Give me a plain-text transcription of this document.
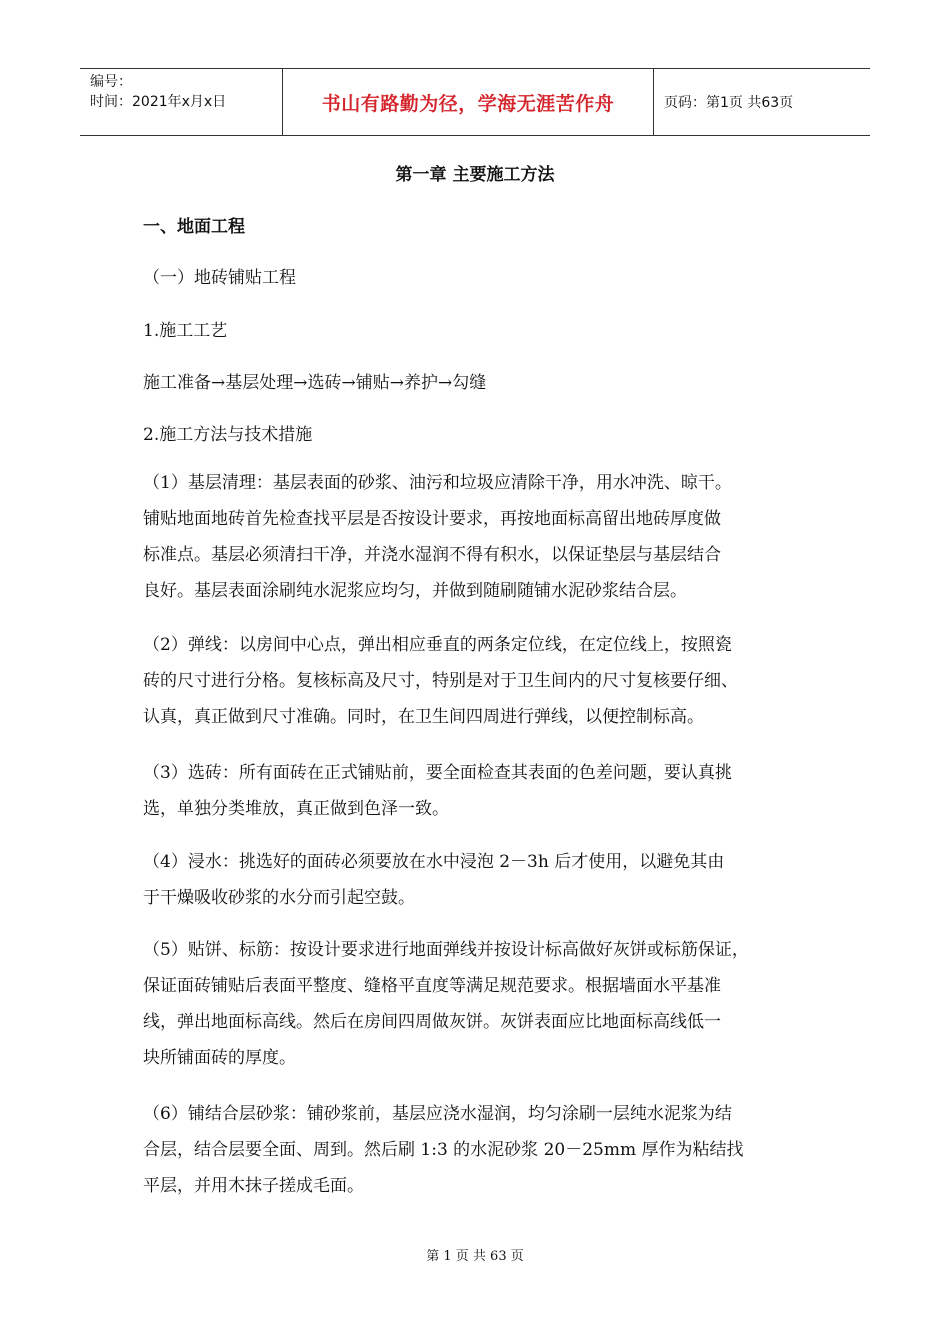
编号：
时间：2021年x月x日	书山有路勤为径，学海无涯苦作舟	页码：第1页 共63页
第一章 主要施工方法
一、地面工程
（一）地砖铺贴工程
1.施工工艺
施工准备→基层处理→选砖→铺贴→养护→勾缝
2.施工方法与技术措施
（1）基层清理：基层表面的砂浆、油污和垃圾应清除干净，用水冲洗、晾干。
铺贴地面地砖首先检查找平层是否按设计要求，再按地面标高留出地砖厚度做
标准点。基层必须清扫干净，并浇水湿润不得有积水，以保证垫层与基层结合
良好。基层表面涂刷纯水泥浆应均匀，并做到随刷随铺水泥砂浆结合层。
（2）弹线：以房间中心点，弹出相应垂直的两条定位线，在定位线上，按照瓷
砖的尺寸进行分格。复核标高及尺寸，特别是对于卫生间内的尺寸复核要仔细、
认真，真正做到尺寸准确。同时，在卫生间四周进行弹线，以便控制标高。
（3）选砖：所有面砖在正式铺贴前，要全面检查其表面的色差问题，要认真挑
选，单独分类堆放，真正做到色泽一致。
（4）浸水：挑选好的面砖必须要放在水中浸泡 2－3h 后才使用，以避免其由
于干燥吸收砂浆的水分而引起空鼓。
（5）贴饼、标筋：按设计要求进行地面弹线并按设计标高做好灰饼或标筋保证，
保证面砖铺贴后表面平整度、缝格平直度等满足规范要求。根据墙面水平基准
线，弹出地面标高线。然后在房间四周做灰饼。灰饼表面应比地面标高线低一
块所铺面砖的厚度。
（6）铺结合层砂浆：铺砂浆前，基层应浇水湿润，均匀涂刷一层纯水泥浆为结
合层，结合层要全面、周到。然后刷 1:3 的水泥砂浆 20－25mm 厚作为粘结找
平层，并用木抹子搓成毛面。
第 1 页 共 63 页
